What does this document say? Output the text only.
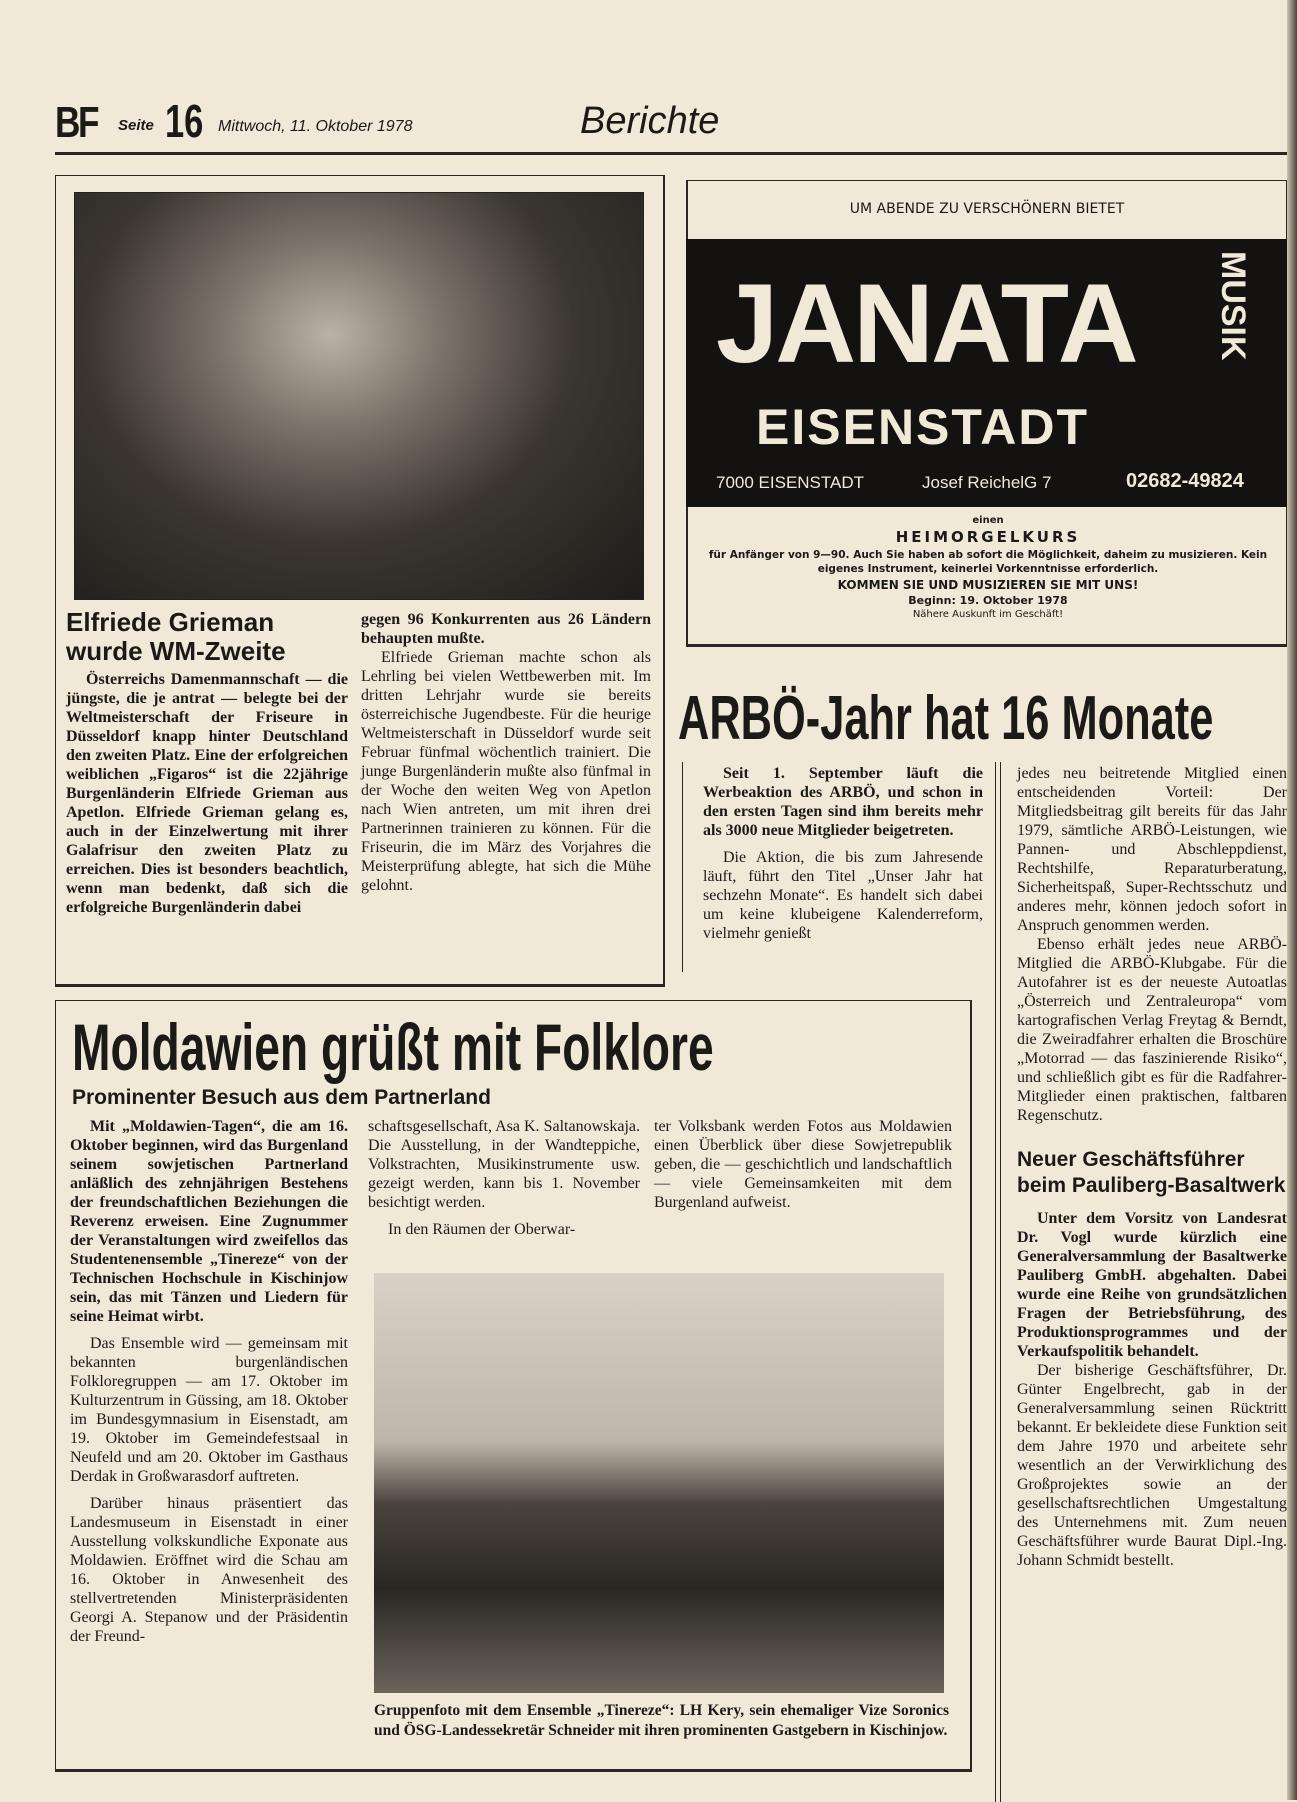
BF Seite 16 Mittwoch, 11. Oktober 1978	Berichte
Elfriede Grieman wurde WM-Zweite

Österreichs Damenmannschaft — die jüngste, die je antrat — belegte bei der Weltmeisterschaft der Friseure in Düsseldorf knapp hinter Deutschland den zweiten Platz. Eine der erfolgreichen weiblichen „Figaros“ ist die 22jährige Burgenländerin Elfriede Grieman aus Apetlon. Elfriede Grieman gelang es, auch in der Einzelwertung mit ihrer Galafrisur den zweiten Platz zu erreichen. Dies ist besonders beachtlich, wenn man bedenkt, daß sich die erfolgreiche Burgenländerin dabei

gegen 96 Konkurrenten aus 26 Ländern behaupten mußte.

Elfriede Grieman machte schon als Lehrling bei vielen Wettbewerben mit. Im dritten Lehrjahr wurde sie bereits österreichische Jugendbeste. Für die heurige Weltmeisterschaft in Düsseldorf wurde seit Februar fünfmal wöchentlich trainiert. Die junge Burgenländerin mußte also fünfmal in der Woche den weiten Weg von Apetlon nach Wien antreten, um mit ihren drei Partnerinnen trainieren zu können. Für die Friseurin, die im März des Vorjahres die Meisterprüfung ablegte, hat sich die Mühe gelohnt.

UM ABENDE ZU VERSCHÖNERN BIETET
JANATA MUSIK
EISENSTADT
7000 EISENSTADT	Josef ReichelG 7	02682-49824
einen
HEIMORGELKURS
für Anfänger von 9—90. Auch Sie haben ab sofort die Möglichkeit, daheim zu musizieren. Kein eigenes Instrument, keinerlei Vorkenntnisse erforderlich.
KOMMEN SIE UND MUSIZIEREN SIE MIT UNS!
Beginn: 19. Oktober 1978
Nähere Auskunft im Geschäft!
ARBÖ-Jahr hat 16 Monate

Seit 1. September läuft die Werbeaktion des ARBÖ, und schon in den ersten Tagen sind ihm bereits mehr als 3000 neue Mitglieder beigetreten.

Die Aktion, die bis zum Jahresende läuft, führt den Titel „Unser Jahr hat sechzehn Monate“. Es handelt sich dabei um keine klubeigene Kalenderreform, vielmehr genießt

jedes neu beitretende Mitglied einen entscheidenden Vorteil: Der Mitgliedsbeitrag gilt bereits für das Jahr 1979, sämtliche ARBÖ-Leistungen, wie Pannen- und Abschleppdienst, Rechtshilfe, Reparaturberatung, Sicherheitspaß, Super-Rechtsschutz und anderes mehr, können jedoch sofort in Anspruch genommen werden.

Ebenso erhält jedes neue ARBÖ-Mitglied die ARBÖ-Klubgabe. Für die Autofahrer ist es der neueste Autoatlas „Österreich und Zentraleuropa“ vom kartografischen Verlag Freytag & Berndt, die Zweiradfahrer erhalten die Broschüre „Motorrad — das faszinierende Risiko“, und schließlich gibt es für die Radfahrer-Mitglieder einen praktischen, faltbaren Regenschutz.

Neuer Geschäftsführer beim Pauliberg-Basaltwerk

Unter dem Vorsitz von Landesrat Dr. Vogl wurde kürzlich eine Generalversammlung der Basaltwerke Pauliberg GmbH. abgehalten. Dabei wurde eine Reihe von grundsätzlichen Fragen der Betriebsführung, des Produktionsprogrammes und der Verkaufspolitik behandelt.

Der bisherige Geschäftsführer, Dr. Günter Engelbrecht, gab in der Generalversammlung seinen Rücktritt bekannt. Er bekleidete diese Funktion seit dem Jahre 1970 und arbeitete sehr wesentlich an der Verwirklichung des Großprojektes sowie an der gesellschaftsrechtlichen Umgestaltung des Unternehmens mit. Zum neuen Geschäftsführer wurde Baurat Dipl.-Ing. Johann Schmidt bestellt.

Moldawien grüßt mit Folklore
Prominenter Besuch aus dem Partnerland

Mit „Moldawien-Tagen“, die am 16. Oktober beginnen, wird das Burgenland seinem sowjetischen Partnerland anläßlich des zehnjährigen Bestehens der freundschaftlichen Beziehungen die Reverenz erweisen. Eine Zugnummer der Veranstaltungen wird zweifellos das Studentenensemble „Tinereze“ von der Technischen Hochschule in Kischinjow sein, das mit Tänzen und Liedern für seine Heimat wirbt.

Das Ensemble wird — gemeinsam mit bekannten burgenländischen Folkloregruppen — am 17. Oktober im Kulturzentrum in Güssing, am 18. Oktober im Bundesgymnasium in Eisenstadt, am 19. Oktober im Gemeindefestsaal in Neufeld und am 20. Oktober im Gasthaus Derdak in Großwarasdorf auftreten.

Darüber hinaus präsentiert das Landesmuseum in Eisenstadt in einer Ausstellung volkskundliche Exponate aus Moldawien. Eröffnet wird die Schau am 16. Oktober in Anwesenheit des stellvertretenden Ministerpräsidenten Georgi A. Stepanow und der Präsidentin der Freund-

schaftsgesellschaft, Asa K. Saltanowskaja. Die Ausstellung, in der Wandteppiche, Volkstrachten, Musikinstrumente usw. gezeigt werden, kann bis 1. November besichtigt werden.

In den Räumen der Oberwar-

ter Volksbank werden Fotos aus Moldawien einen Überblick über diese Sowjetrepublik geben, die — geschichtlich und landschaftlich — viele Gemeinsamkeiten mit dem Burgenland aufweist.

Gruppenfoto mit dem Ensemble „Tinereze“: LH Kery, sein ehemaliger Vize Soronics und ÖSG-Landessekretär Schneider mit ihren prominenten Gastgebern in Kischinjow.
